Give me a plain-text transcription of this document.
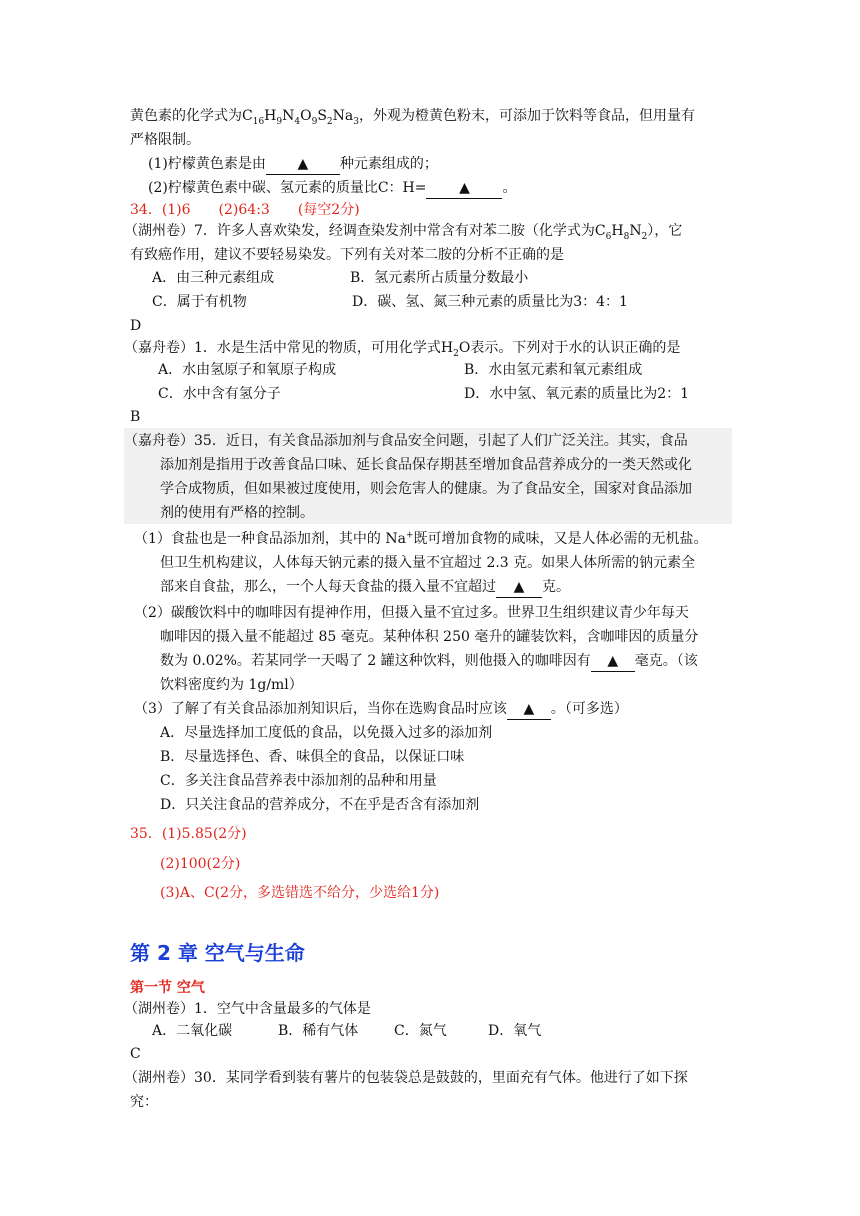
黄色素的化学式为$C_{16}H_9N_4O_9S_2Na_3$，外观为橙黄色粉末，可添加于饮料等食品，但用量有
严格限制。
(1)柠檬黄色素是由 ▲ 种元素组成的；
(2)柠檬黄色素中碳、氢元素的质量比C：H= ▲ 。
34．(1)6　　(2)64:3　　(每空2分)
（湖州卷）7．许多人喜欢染发，经调查染发剂中常含有对苯二胺（化学式为$C_6H_8N_2$），它
有致癌作用，建议不要轻易染发。下列有关对苯二胺的分析不正确的是
A．由三种元素组成	B．氢元素所占质量分数最小
C．属于有机物	D．碳、氢、氮三种元素的质量比为3：4：1
D
（嘉舟卷）1．水是生活中常见的物质，可用化学式$H_2O$表示。下列对于水的认识正确的是
A．水由氢原子和氧原子构成	B．水由氢元素和氧元素组成
C．水中含有氢分子	D．水中氢、氧元素的质量比为2：1
B
（嘉舟卷）35．近日，有关食品添加剂与食品安全问题，引起了人们广泛关注。其实，食品
添加剂是指用于改善食品口味、延长食品保存期甚至增加食品营养成分的一类天然或化
学合成物质，但如果被过度使用，则会危害人的健康。为了食品安全，国家对食品添加
剂的使用有严格的控制。
（1）食盐也是一种食品添加剂，其中的 Na+既可增加食物的咸味，又是人体必需的无机盐。
但卫生机构建议，人体每天钠元素的摄入量不宜超过 2.3 克。如果人体所需的钠元素全
部来自食盐，那么，一个人每天食盐的摄入量不宜超过 ▲ 克。
（2）碳酸饮料中的咖啡因有提神作用，但摄入量不宜过多。世界卫生组织建议青少年每天
咖啡因的摄入量不能超过 85 毫克。某种体积 250 毫升的罐装饮料，含咖啡因的质量分
数为 0.02%。若某同学一天喝了 2 罐这种饮料，则他摄入的咖啡因有 ▲ 毫克。（该
饮料密度约为 1g/ml）
（3）了解了有关食品添加剂知识后，当你在选购食品时应该 ▲ 。（可多选）
A．尽量选择加工度低的食品，以免摄入过多的添加剂
B．尽量选择色、香、味俱全的食品，以保证口味
C．多关注食品营养表中添加剂的品种和用量
D．只关注食品的营养成分，不在乎是否含有添加剂
35．(1)5.85(2分)
(2)100(2分)
(3)A、C(2分，多选错选不给分，少选给1分)
第 2 章 空气与生命
第一节 空气
（湖州卷）1．空气中含量最多的气体是
A．二氧化碳	B．稀有气体	C．氮气	D．氧气
C
（湖州卷）30．某同学看到装有薯片的包装袋总是鼓鼓的，里面充有气体。他进行了如下探
究：
